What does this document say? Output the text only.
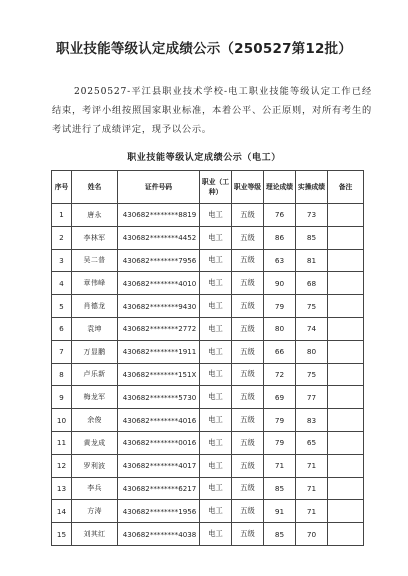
职业技能等级认定成绩公示（250527第12批）

20250527-平江县职业技术学校-电工职业技能等级认定工作已经结束，考评小组按照国家职业标准，本着公平、公正原则，对所有考生的考试进行了成绩评定，现予以公示。

职业技能等级认定成绩公示（电工）
序号	姓名	证件号码	职业（工种）	职业等级	理论成绩	实操成绩	备注
1	唐永	430682********8819	电工	五级	76	73	
2	李林军	430682********4452	电工	五级	86	85	
3	吴二普	430682********7956	电工	五级	63	81	
4	章伟峰	430682********4010	电工	五级	90	68	
5	肖德龙	430682********9430	电工	五级	79	75	
6	袁坤	430682********2772	电工	五级	80	74	
7	万显鹏	430682********1911	电工	五级	66	80	
8	卢乐新	430682********151X	电工	五级	72	75	
9	梅龙军	430682********5730	电工	五级	69	77	
10	余俊	430682********4016	电工	五级	79	83	
11	黄龙成	430682********0016	电工	五级	79	65	
12	罗利波	430682********4017	电工	五级	71	71	
13	李兵	430682********6217	电工	五级	85	71	
14	方涛	430682********1956	电工	五级	91	71	
15	刘其红	430682********4038	电工	五级	85	70	
